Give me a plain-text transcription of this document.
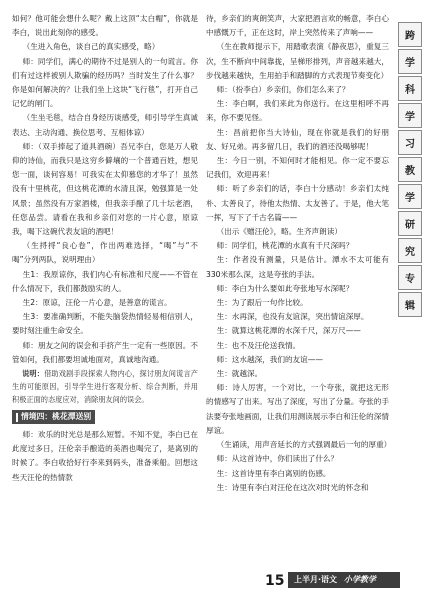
如何？他可能会想什么呢？戴上这顶“太白帽”，你就是李白，说出此刻你的感受。

（生进入角色，谈自己的真实感受，略）

师：同学们，满心的期待不过是别人的一句谎言。你们有过这样被别人欺骗的经历吗？当时发生了什么事？你是如何解决的？让我们坐上这块“飞行毯”，打开自己记忆的闸门。

（生坐毛毯，结合自身经历谈感受，师引导学生真诚表达、主动沟通、换位思考、互相体谅）

师：（双手捧起了道具酒碗）吾兄李白，您是万人敬仰的诗仙，而我只是这穷乡僻壤的一个普通百姓，想见您一面，谈何容易！可我实在太仰慕您的才华了！虽然没有十里桃花，但这桃花潭的水清且深，勉强算是一处风景；虽然没有万家酒楼，但我亲手酿了几十坛老酒，任您品尝。请看在我和乡亲们对您的一片心意，原谅我，喝下这碗代表友谊的酒吧！

（生捋捋“良心卷”，作出两难选择，“喝”与“不喝”分列两队，说明理由）

生1：我原谅你，我们内心有标准和尺度——不管在什么情况下，我们都鼓励实的人。

生2：原谅，汪伦一片心意，是善意的谎言。

生3：要准确判断，不能失脑袋热情轻易相信别人，要时刻注重生命安全。

师：朋友之间的误会和手挤产生一定有一些原因。不管如何，我们都要坦诚地面对，真诚地沟通。

说明：借助戏剧手段探索人物内心，探讨朋友间谎言产生的可能原因，引导学生进行客观分析、综合判断，并用积极正面的态度应对，消除朋友间的误会。

情境四：桃花潭送别

师：欢乐的时光总是那么短暂。不知不觉，李白已在此度过多日，汪伦亲手酿造的美酒也喝完了，是离别的时候了。李白收拾好行李来到码头，准备乘船。回想这些天汪伦的热情款

待，乡亲们的爽朗笑声，大家把酒言欢的畅意，李白心中感慨万千，正在这时，岸上突然传来了声响——

（生在教师提示下，用踏歌表演《静夜思》，重复三次，生不断向中间靠拢，呈梯形排列，声音越来越大，步伐越来越快，生用拍手和踏脚的方式表现节奏变化）

师：（扮李白）乡亲们，你们怎么来了？

生：李白啊，我们来此为你送行。在这里相呼不再来，你不要见怪。

生：昌前把你当大诗仙，现在你就是我们的好朋友、好兄弟。再多留几日，我们的酒还没喝够呢！

生：今日一别，不知何时才能相见。你一定不要忘记我们，欢迎再来！

师：听了乡亲们的话，李白十分感动！乡亲们太纯朴、太善良了，待他太热情、太友善了。于是，他大笔一挥，写下了千古名篇——

（出示《赠汪伦》，略。生齐声朗读）

师：同学们，桃花潭的水真有千尺深吗？

生：作者没有测量，只是估计。潭水不太可能有330米那么深，这是夸张的手法。

师：李白为什么要如此夸张地写水深呢？

生：为了跟后一句作比较。

生：水再深，也没有友谊深，突出情谊深厚。

生：就算这桃花潭的水深千尺，深万尺——

生：也不及汪伦送我情。

师：这水越深，我们的友谊——

生：就越深。

师：诗人厉害，一个对比，一个夸张，就把这无形的情感写了出来。写出了深度，写出了分量。夸张的手法要夸张地画面，让我们用测读展示李白和汪伦的深情厚谊。

（生诵读，用声音延长的方式强调最后一句的厚重）

师：从这首诗中，你们读出了什么？

生：这首诗里有李白离别的伤感。

生：诗里有李白对汪伦在这次对时光的怀念和

跨
学
科
学
习
教
学
研
究
专
辑
15	上半月·语文 小学教学 2025.6
